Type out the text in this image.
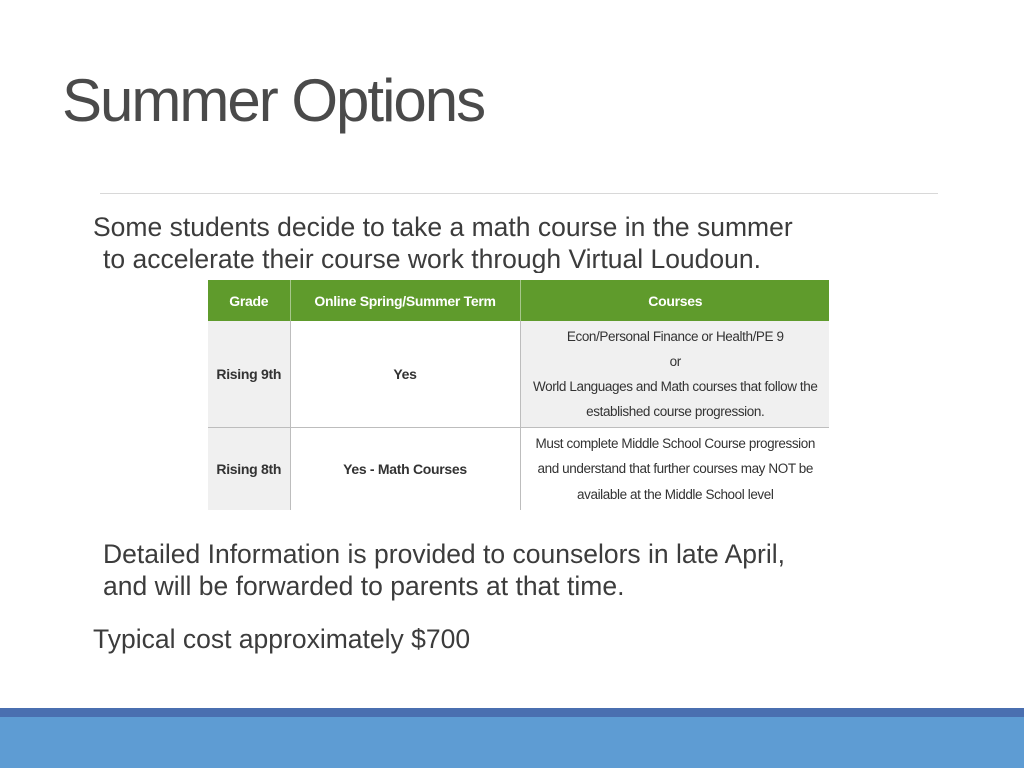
Summer Options
Some students decide to take a math course in the summer
to accelerate their course work through Virtual Loudoun.
Grade	Online Spring/Summer Term	Courses
Rising 9th	Yes	Econ/Personal Finance or Health/PE 9
or
World Languages and Math courses that follow the
established course progression.

Rising 8th	Yes - Math Courses	Must complete Middle School Course progression
and understand that further courses may NOT be
available at the Middle School level
Detailed Information is provided to counselors in late April,
and will be forwarded to parents at that time.
Typical cost approximately $700
